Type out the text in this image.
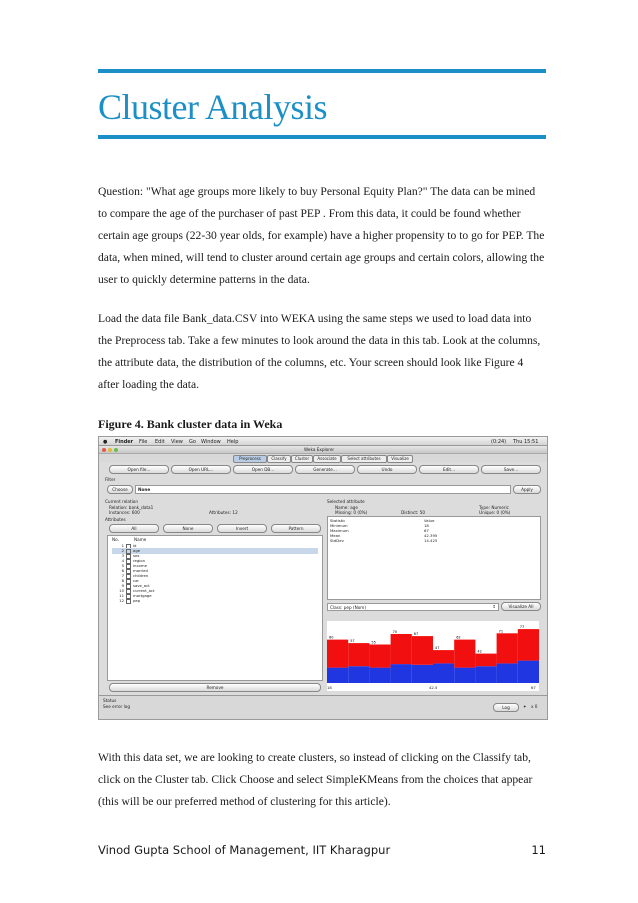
Cluster Analysis

Question: "What age groups more likely to buy Personal Equity Plan?" The data can be mined to compare the age of the purchaser of past PEP . From this data, it could be found whether certain age groups (22-30 year olds, for example) have a higher propensity to to go for PEP. The data, when mined, will tend to cluster around certain age groups and certain colors, allowing the user to quickly determine patterns in the data.

Load the data file Bank_data.CSV into WEKA using the same steps we used to load data into the Preprocess tab. Take a few minutes to look around the data in this tab. Look at the columns, the attribute data, the distribution of the columns, etc. Your screen should look like Figure 4 after loading the data.

Figure 4. Bank cluster data in Weka
● Finder File Edit View Go Window Help	(0:24) Thu 15:51
Weka Explorer
Preprocess	Classify	Cluster	Associate	Select attributes	Visualize
Open file...	Open URL...	Open DB...	Generate...	Undo	Edit...	Save...
Filter
Choose	None	Apply
Current relation
Relation: bank_data1
Instances: 600	Attributes: 12
Attributes
All	None	Invert	Pattern
No.	Name
1 id
2 age
3 sex
4 region
5 income
6 married
7 children
8 car
9 save_act
10 current_act
11 mortgage
12 pep
Remove
Selected attribute
Name: age	Type: Numeric
Missing: 0 (0%)	Distinct: 50	Unique: 0 (0%)
Statistic	Value
Minimum	18
Maximum	67
Mean	42.395
StdDev	14.425
Class: pep (Nom)	⇕	Visualize All
60
57	55
70
67
47
62
42
71
77
18	42.5	67
Status
See error log	Log	✦ x 0

With this data set, we are looking to create clusters, so instead of clicking on the Classify tab, click on the Cluster tab. Click Choose and select SimpleKMeans from the choices that appear (this will be our preferred method of clustering for this article).

Vinod Gupta School of Management, IIT Kharagpur	11
